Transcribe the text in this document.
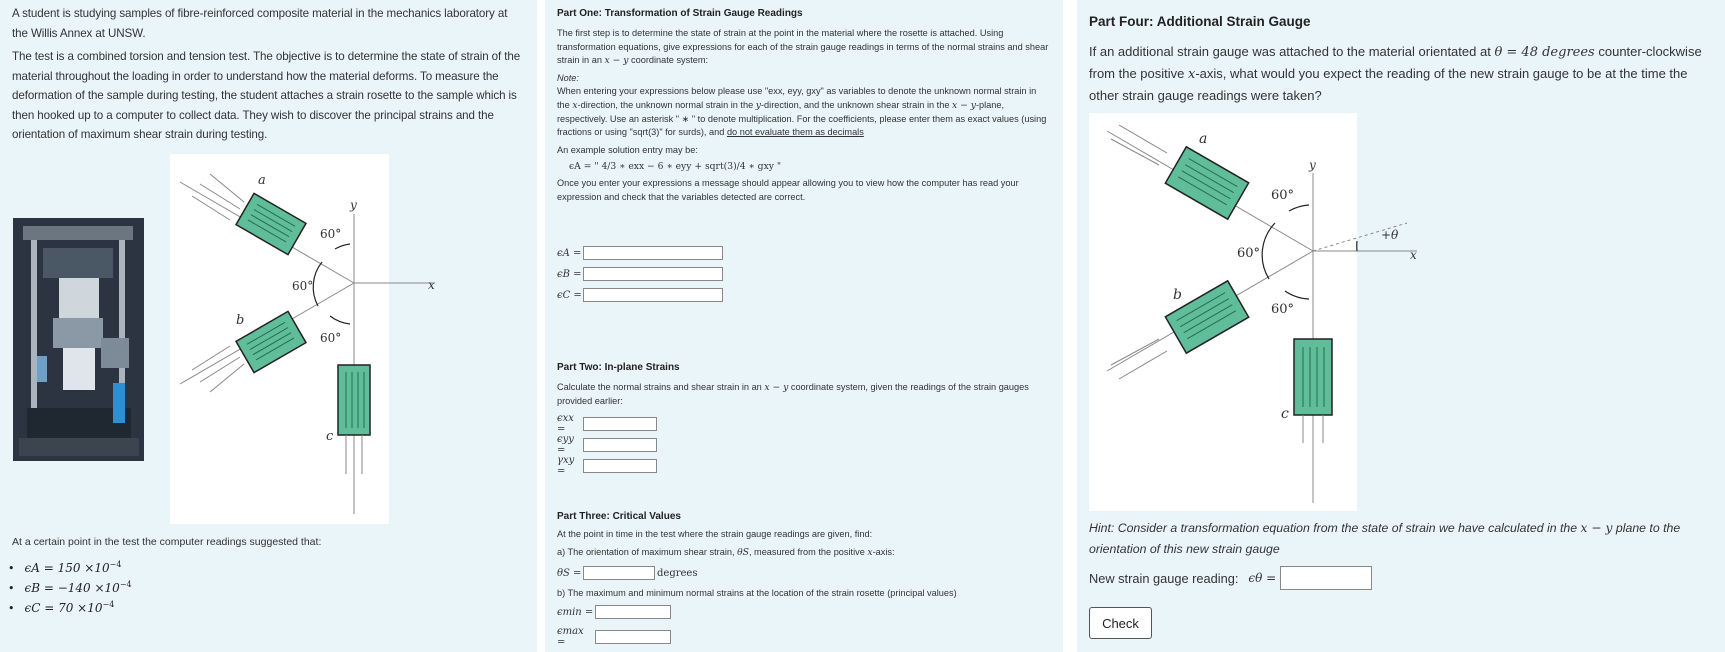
A student is studying samples of fibre-reinforced composite material in the mechanics laboratory at the Willis Annex at UNSW.

The test is a combined torsion and tension test. The objective is to determine the state of strain of the material throughout the loading in order to understand how the material deforms. To measure the deformation of the sample during testing, the student attaches a strain rosette to the sample which is then hooked up to a computer to collect data. They wish to discover the principal strains and the orientation of maximum shear strain during testing.

a
b
c
x
y
60°
60°
60°
At a certain point in the test the computer readings suggested that:
• $\epsilon A = 150 \times 10^{-4}$
• $\epsilon B = -140 \times 10^{-4}$
• $\epsilon C = 70 \times 10^{-4}$
Part One: Transformation of Strain Gauge Readings
The first step is to determine the state of strain at the point in the material where the rosette is attached. Using transformation equations, give expressions for each of the strain gauge readings in terms of the normal strains and shear strain in an x − y coordinate system:
Note:
When entering your expressions below please use "exx, eyy, gxy" as variables to denote the unknown normal strain in the x-direction, the unknown normal strain in the y-direction, and the unknown shear strain in the x − y-plane, respectively. Use an asterisk " ∗ " to denote multiplication. For the coefficients, please enter them as exact values (using fractions or using "sqrt(3)" for surds), and do not evaluate them as decimals
An example solution entry may be:
ϵA = " 4/3 ∗ exx − 6 ∗ eyy + sqrt(3)/4 ∗ gxy "
Once you enter your expressions a message should appear allowing you to view how the computer has read your expression and check that the variables detected are correct.
ϵA =
ϵB =
ϵC =
Part Two: In-plane Strains
Calculate the normal strains and shear strain in an x − y coordinate system, given the readings of the strain gauges provided earlier:
ϵxx =
ϵyy =
γxy =
Part Three: Critical Values
At the point in time in the test where the strain gauge readings are given, find:
a) The orientation of maximum shear strain, θS, measured from the positive x-axis:
θS =	degrees
b) The maximum and minimum normal strains at the location of the strain rosette (principal values)
ϵmin =
ϵmax =
Part Four: Additional Strain Gauge
If an additional strain gauge was attached to the material orientated at θ = 48 degrees counter-clockwise from the positive x-axis, what would you expect the reading of the new strain gauge to be at the time the other strain gauge readings were taken?
a
b
c
y
60°
60°
60°
x
+θ
Hint: Consider a transformation equation from the state of strain we have calculated in the x − y plane to the orientation of this new strain gauge
New strain gauge reading: ϵθ =
Check
